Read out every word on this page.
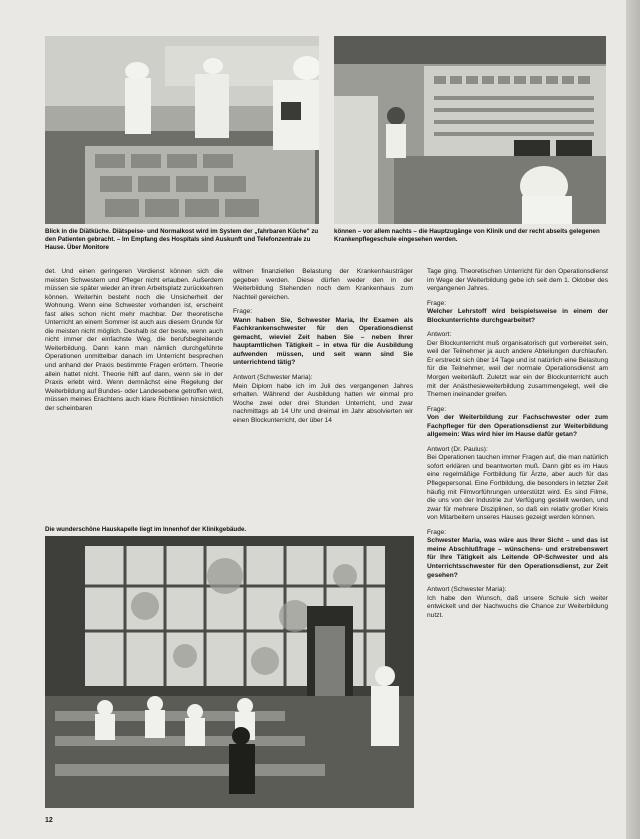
Blick in die Diätküche. Diätspeise- und Normalkost wird im System der „fahrbaren Küche" zu den Patienten gebracht. – Im Empfang des Hospitals sind Auskunft und Telefonzentrale zu Hause. Über Monitore
können – vor allem nachts – die Hauptzugänge von Klinik und der recht abseits gelegenen Krankenpflegeschule eingesehen werden.

det. Und einen geringeren Verdienst können sich die meisten Schwestern und Pfleger nicht erlauben. Außerdem müssen sie später wieder an ihren Arbeitsplatz zurückkehren können. Weiterhin besteht noch die Unsicherheit der Wohnung. Wenn eine Schwester vorhanden ist, erscheint fast alles schon nicht mehr machbar. Der theoretische Unterricht an einem Sommer ist auch aus diesem Grunde für die meisten nicht möglich. Deshalb ist der beste, wenn auch nicht immer der einfachste Weg, die berufsbegleitende Weiterbildung. Dann kann man nämlich durchgeführte Operationen unmittelbar danach im Unterricht besprechen und anhand der Praxis bestimmte Fragen erörtern. Theorie allein hattet nicht. Theorie hilft auf dann, wenn sie in der Praxis erlebt wird. Wenn demnächst eine Regelung der Weiterbildung auf Bundes- oder Landesebene getroffen wird, müssen meines Erachtens auch klare Richtlinien hinsichtlich der scheinbaren

wiltnen finanziellen Belastung der Krankenhausträger gegeben werden. Diese dürfen weder den in der Weiterbildung Stehenden noch dem Krankenhaus zum Nachteil gereichen.

Frage:

Wann haben Sie, Schwester Maria, Ihr Examen als Fachkrankenschwester für den Operationsdienst gemacht, wieviel Zeit haben Sie – neben Ihrer hauptamtlichen Tätigkeit – in etwa für die Ausbildung aufwenden müssen, und seit wann sind Sie unterrichtend tätig?

Antwort (Schwester Maria):

Mein Diplom habe ich im Juli des vergangenen Jahres erhalten. Während der Ausbildung hatten wir einmal pro Woche zwei oder drei Stunden Unterricht, und zwar nachmittags ab 14 Uhr und dreimal im Jahr absolvierten wir einen Blockunterricht, der über 14

Tage ging. Theoretischen Unterricht für den Operationsdienst im Wege der Weiterbildung gebe ich seit dem 1. Oktober des vergangenen Jahres.

Frage:

Welcher Lehrstoff wird beispielsweise in einem der Blockunterrichte durchgearbeitet?

Antwort:

Der Blockunterricht muß organisatorisch gut vorbereitet sein, weil der Teilnehmer ja auch andere Abteilungen durchlaufen. Er erstreckt sich über 14 Tage und ist natürlich eine Belastung für die Teilnehmer, weil der normale Operationsdienst am Morgen weiterläuft. Zuletzt war ein der Blockunterricht auch mit der Anästhesieweiterbildung zusammengelegt, weil die Themen ineinander greifen.

Frage:

Von der Weiterbildung zur Fachschwester oder zum Fachpfleger für den Operationsdienst zur Weiterbildung allgemein: Was wird hier im Hause dafür getan?

Antwort (Dr. Paulus):

Bei Operationen tauchen immer Fragen auf, die man natürlich sofort erklären und beantworten muß. Dann gibt es im Haus eine regelmäßige Fortbildung für Ärzte, aber auch für das Pflegepersonal. Eine Fortbildung, die besonders in letzter Zeit häufig mit Filmvorführungen unterstützt wird. Es sind Filme, die uns von der Industrie zur Verfügung gestellt werden, und zwar für mehrere Disziplinen, so daß ein relativ großer Kreis von Mitarbeitern unseres Hauses gezeigt werden können.

Frage:

Schwester Maria, was wäre aus Ihrer Sicht – und das ist meine Abschlußfrage – wünschens- und erstrebenswert für Ihre Tätigkeit als Leitende OP-Schwester und als Unterrichtsschwester für den Operationsdienst, zur Zeit gesehen?

Antwort (Schwester Maria):

Ich habe den Wunsch, daß unsere Schule sich weiter entwickelt und der Nachwuchs die Chance zur Weiterbildung nutzt.

Die wunderschöne Hauskapelle liegt im Innenhof der Klinikgebäude.
12
